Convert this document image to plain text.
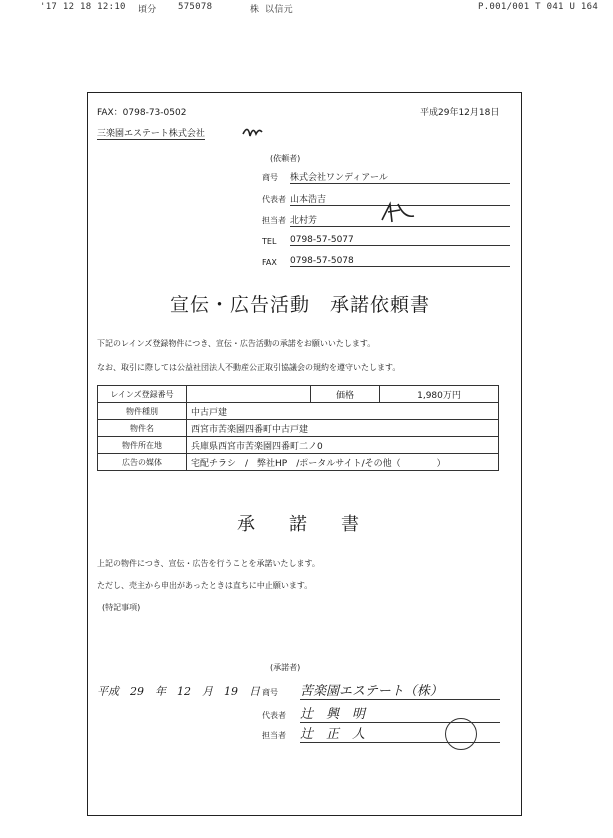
'17 12 18 12:10 頃分 575078	株 以信元	P.001/001 T 041 U 164
FAX：0798-73-0502	平成29年12月18日
三楽園エステート株式会社
(依頼者)
商号 株式会社ワンディアール
代表者 山本浩吉
担当者 北村芳
TEL 0798-57-5077
FAX 0798-57-5078
宣伝・広告活動　承諾依頼書
下記のレインズ登録物件につき、宣伝・広告活動の承諾をお願いいたします。
なお、取引に際しては公益社団法人不動産公正取引協議会の規約を遵守いたします。
レインズ登録番号		価格	1,980万円
物件種別	中古戸建		
物件名	西宮市苦楽園四番町中古戸建		
物件所在地	兵庫県西宮市苦楽園四番町二ノ0		
広告の媒体	宅配チラシ　/　弊社HP　/ポータルサイト/その他（　　　　）		
承諾書
上記の物件につき、宣伝・広告を行うことを承諾いたします。
ただし、売主から申出があったときは直ちに中止願います。
(特記事項)
(承諾者)
平成　29　年　12　月　19　日 商号 苦楽園エステート（株）
代表者 辻　興　明
担当者 辻　正　人
